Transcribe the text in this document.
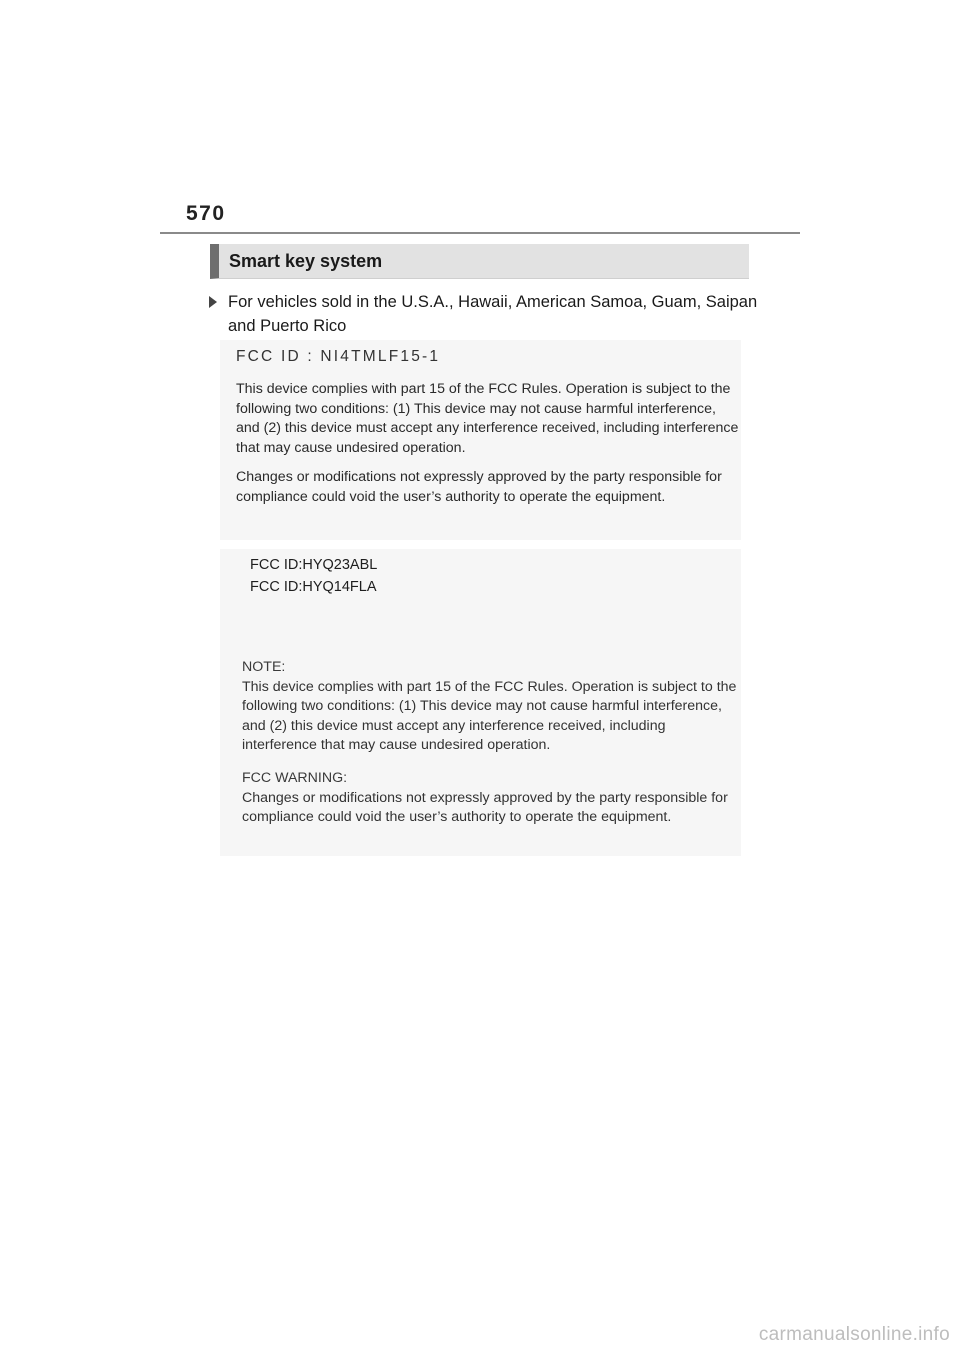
570
Smart key system
For vehicles sold in the U.S.A., Hawaii, American Samoa, Guam, Saipan and Puerto Rico

FCC ID : NI4TMLF15-1

This device complies with part 15 of the FCC Rules. Operation is subject to the following two conditions: (1) This device may not cause harmful interference, and (2) this device must accept any interference received, including interference that may cause undesired operation.

Changes or modifications not expressly approved by the party responsible for compliance could void the user’s authority to operate the equipment.

FCC ID:HYQ23ABL

FCC ID:HYQ14FLA

NOTE:

This device complies with part 15 of the FCC Rules. Operation is subject to the following two conditions: (1) This device may not cause harmful interference, and (2) this device must accept any interference received, including interference that may cause undesired operation.

FCC WARNING:

Changes or modifications not expressly approved by the party responsible for compliance could void the user’s authority to operate the equipment.

carmanualsonline.info
